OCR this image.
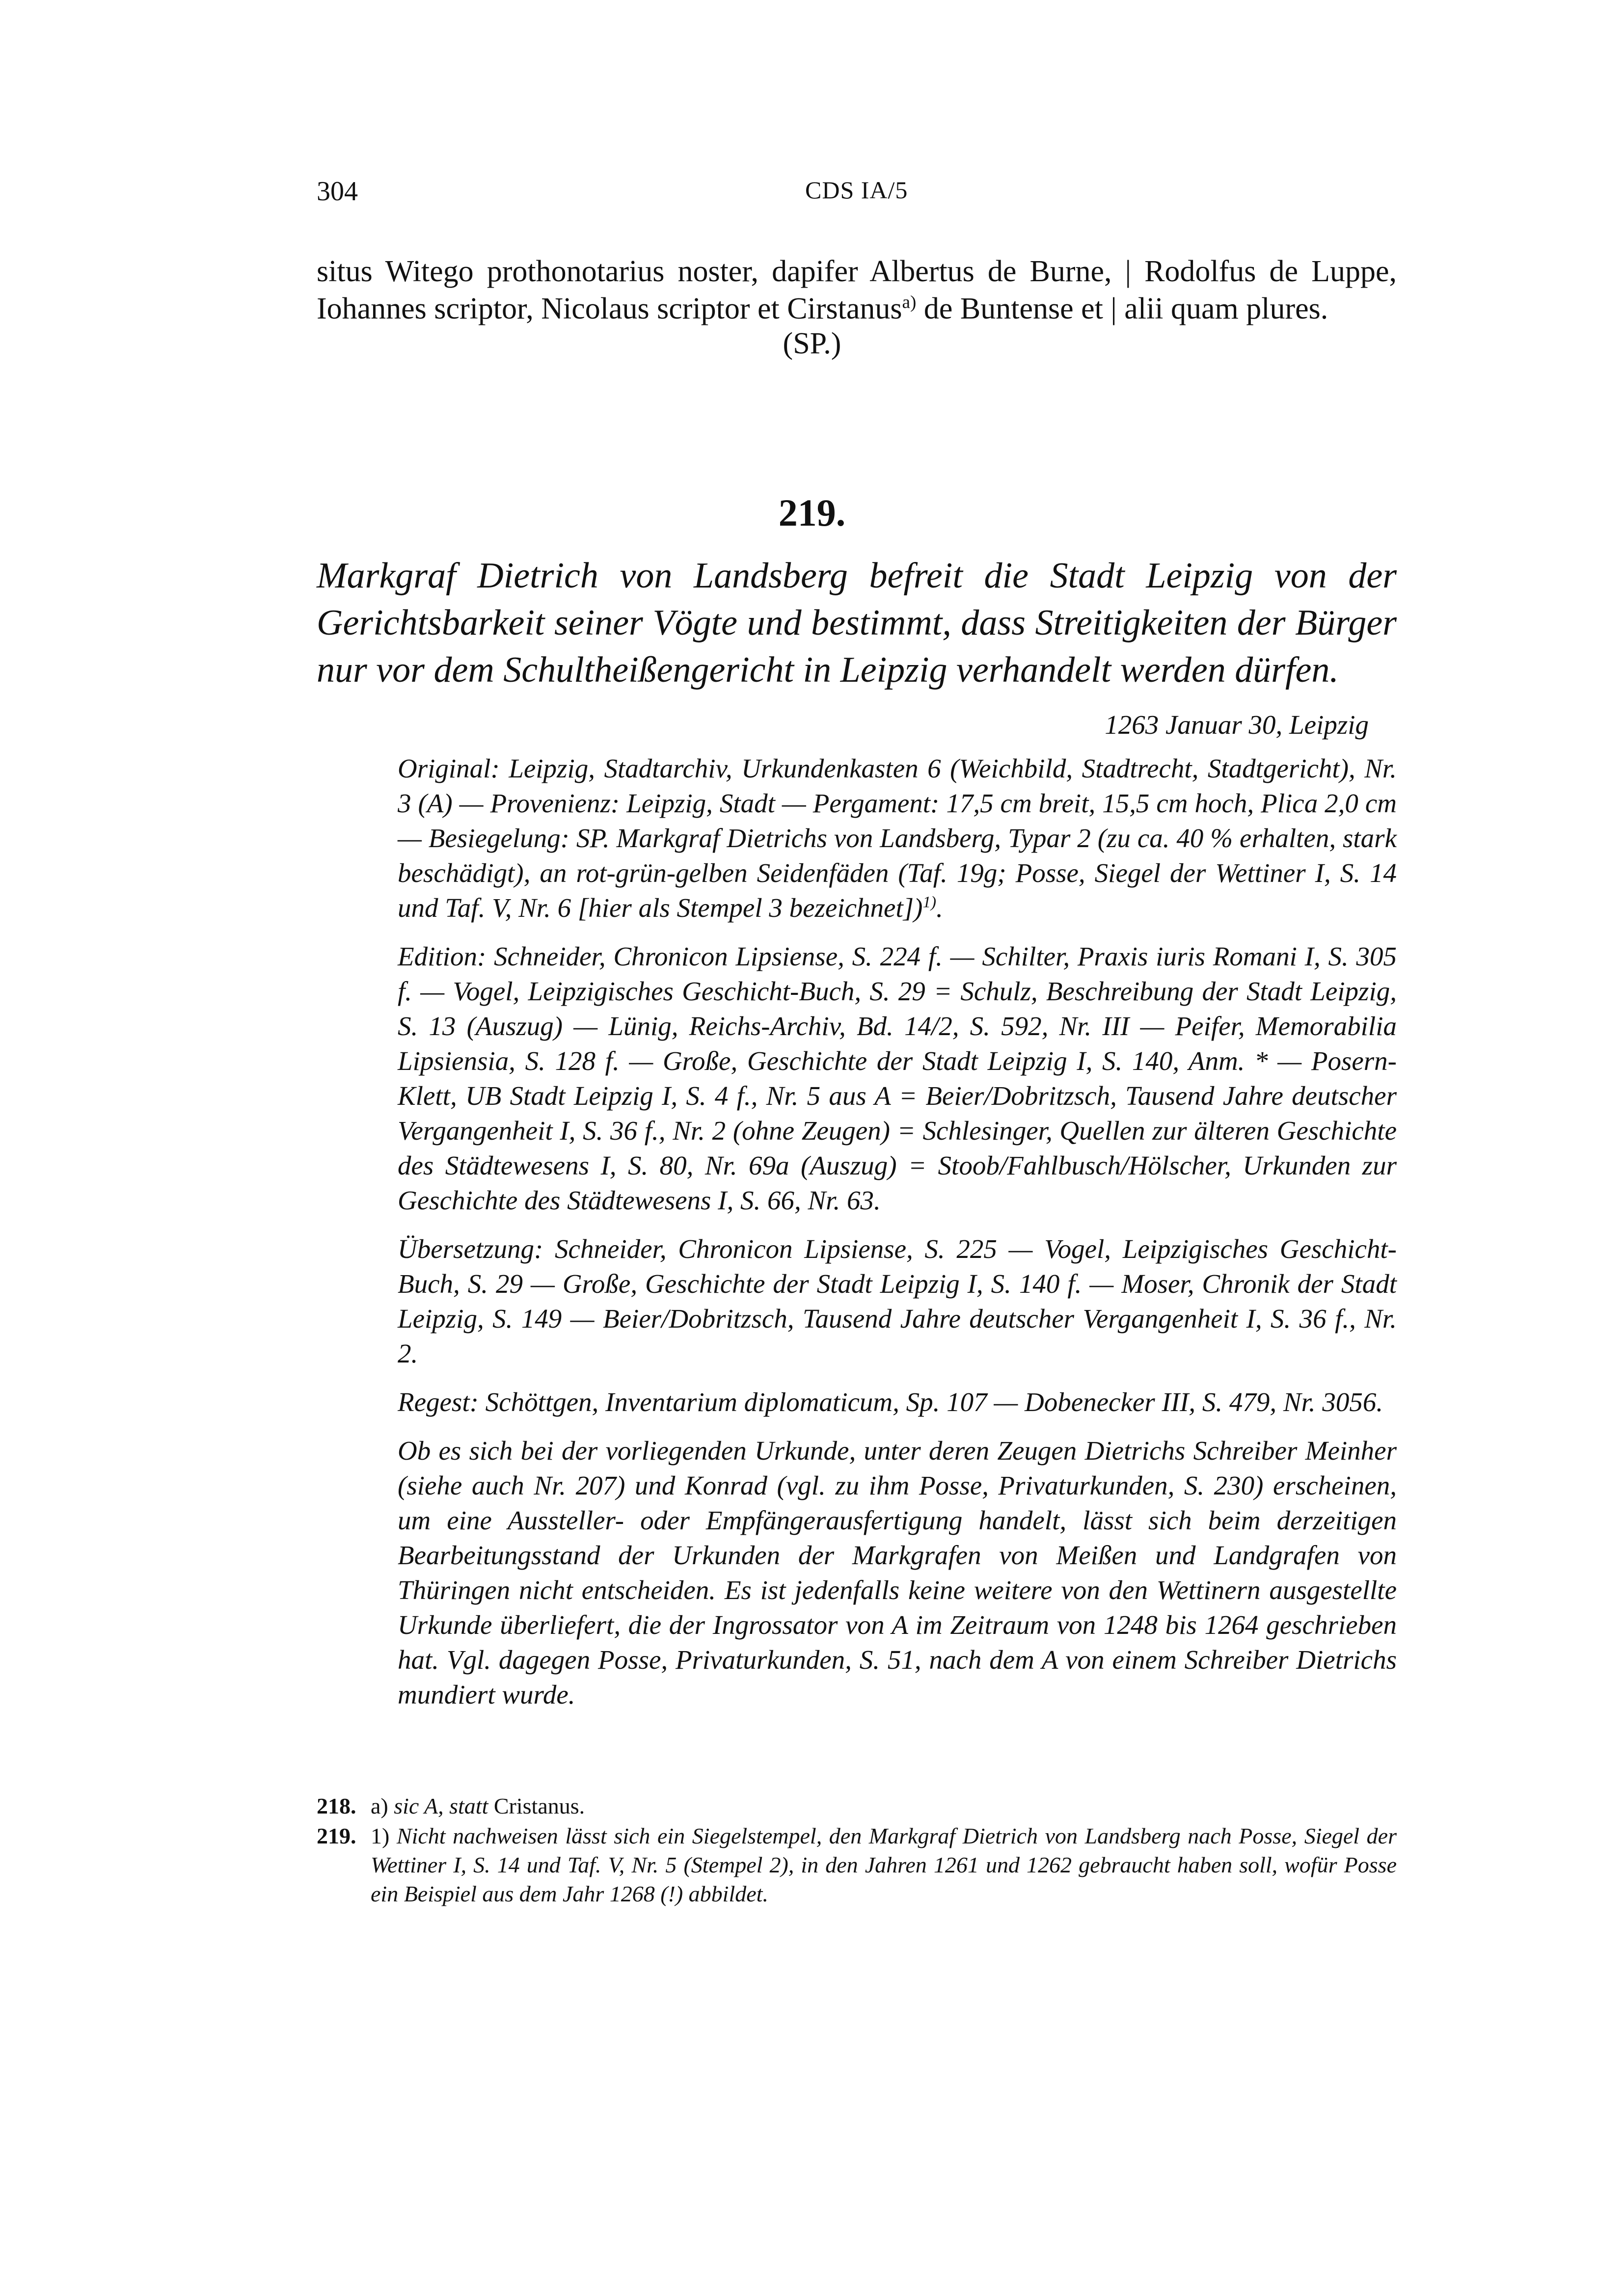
304	CDS IA/5

situs Witego prothonotarius noster, dapifer Albertus de Burne, | Rodolfus de Luppe, Iohannes scriptor, Nicolaus scriptor et Cirstanus$^{a)}$ de Buntense et | alii quam plures.

(SP.)
219.
Markgraf Dietrich von Landsberg befreit die Stadt Leipzig von der Gerichtsbarkeit seiner Vögte und bestimmt, dass Streitigkeiten der Bürger nur vor dem Schultheißengericht in Leipzig verhandelt werden dürfen.
1263 Januar 30, Leipzig

Original: Leipzig, Stadtarchiv, Urkundenkasten 6 (Weichbild, Stadtrecht, Stadtgericht), Nr. 3 (A) — Provenienz: Leipzig, Stadt — Pergament: 17,5 cm breit, 15,5 cm hoch, Plica 2,0 cm — Besiegelung: SP. Markgraf Dietrichs von Landsberg, Typar 2 (zu ca. 40 % erhalten, stark beschädigt), an rot-grün-gelben Seidenfäden (Taf. 19g; Posse, Siegel der Wettiner I, S. 14 und Taf. V, Nr. 6 [hier als Stempel 3 bezeichnet])$^{1)}$.

Edition: Schneider, Chronicon Lipsiense, S. 224 f. — Schilter, Praxis iuris Romani I, S. 305 f. — Vogel, Leipzigisches Geschicht-Buch, S. 29 = Schulz, Beschreibung der Stadt Leipzig, S. 13 (Auszug) — Lünig, Reichs-Archiv, Bd. 14/2, S. 592, Nr. III — Peifer, Memorabilia Lipsiensia, S. 128 f. — Große, Geschichte der Stadt Leipzig I, S. 140, Anm. * — Posern-Klett, UB Stadt Leipzig I, S. 4 f., Nr. 5 aus A = Beier/Dobritzsch, Tausend Jahre deutscher Vergangenheit I, S. 36 f., Nr. 2 (ohne Zeugen) = Schlesinger, Quellen zur älteren Geschichte des Städtewesens I, S. 80, Nr. 69a (Auszug) = Stoob/Fahlbusch/Hölscher, Urkunden zur Geschichte des Städtewesens I, S. 66, Nr. 63.

Übersetzung: Schneider, Chronicon Lipsiense, S. 225 — Vogel, Leipzigisches Geschicht-Buch, S. 29 — Große, Geschichte der Stadt Leipzig I, S. 140 f. — Moser, Chronik der Stadt Leipzig, S. 149 — Beier/Dobritzsch, Tausend Jahre deutscher Vergangenheit I, S. 36 f., Nr. 2.

Regest: Schöttgen, Inventarium diplomaticum, Sp. 107 — Dobenecker III, S. 479, Nr. 3056.

Ob es sich bei der vorliegenden Urkunde, unter deren Zeugen Dietrichs Schreiber Meinher (siehe auch Nr. 207) und Konrad (vgl. zu ihm Posse, Privaturkunden, S. 230) erscheinen, um eine Aussteller- oder Empfängerausfertigung handelt, lässt sich beim derzeitigen Bearbeitungsstand der Urkunden der Markgrafen von Meißen und Landgrafen von Thüringen nicht entscheiden. Es ist jedenfalls keine weitere von den Wettinern ausgestellte Urkunde überliefert, die der Ingrossator von A im Zeitraum von 1248 bis 1264 geschrieben hat. Vgl. dagegen Posse, Privaturkunden, S. 51, nach dem A von einem Schreiber Dietrichs mundiert wurde.

218. a) sic A, statt Cristanus.
219. 1) Nicht nachweisen lässt sich ein Siegelstempel, den Markgraf Dietrich von Landsberg nach Posse, Siegel der Wettiner I, S. 14 und Taf. V, Nr. 5 (Stempel 2), in den Jahren 1261 und 1262 gebraucht haben soll, wofür Posse ein Beispiel aus dem Jahr 1268 (!) abbildet.
